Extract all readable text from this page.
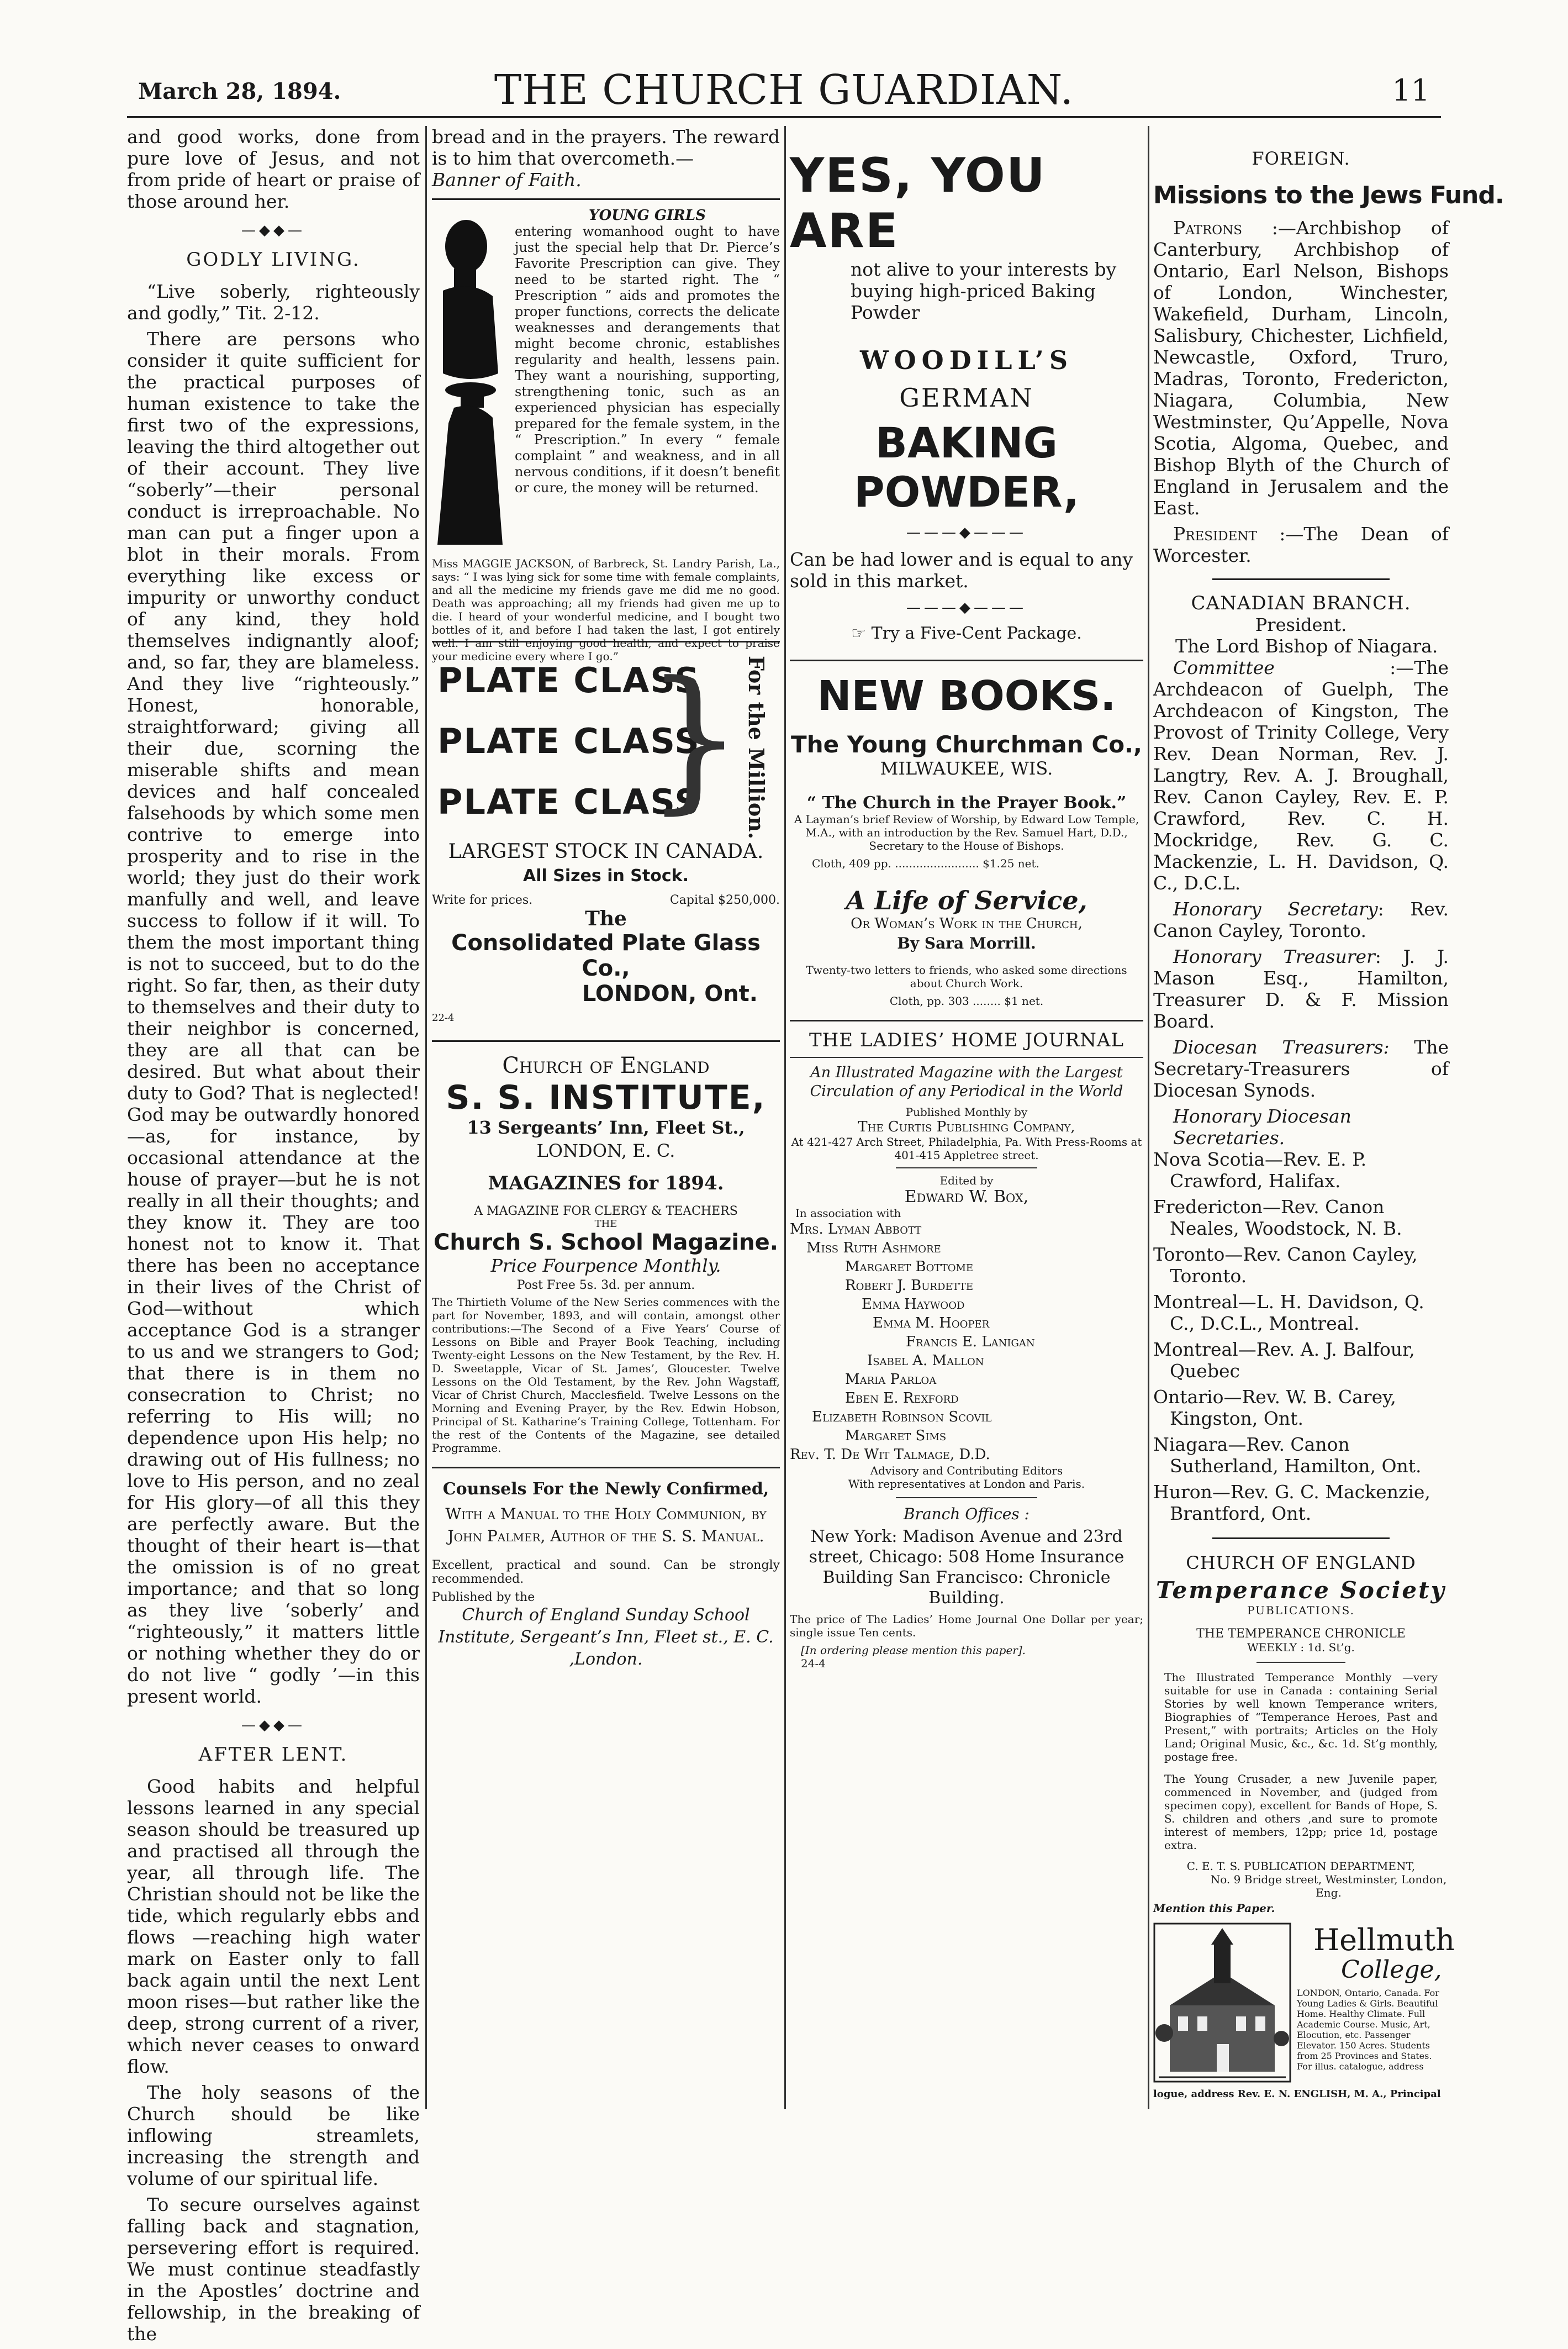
March 28, 1894.	THE CHURCH GUARDIAN.	11

and good works, done from pure love of Jesus, and not from pride of heart or praise of those around her.

—◆◆—
GODLY LIVING.

“Live soberly, righteously and godly,” Tit. 2-12.

There are persons who consider it quite sufficient for the practical purposes of human existence to take the first two of the expressions, leaving the third altogether out of their account. They live “soberly”—their personal conduct is irreproachable. No man can put a finger upon a blot in their morals. From everything like excess or impurity or unworthy conduct of any kind, they hold themselves indignantly aloof; and, so far, they are blameless. And they live “righteously.” Honest, honorable, straightforward; giving all their due, scorning the miserable shifts and mean devices and half concealed falsehoods by which some men contrive to emerge into prosperity and to rise in the world; they just do their work manfully and well, and leave success to follow if it will. To them the most important thing is not to succeed, but to do the right. So far, then, as their duty to themselves and their duty to their neighbor is concerned, they are all that can be desired. But what about their duty to God? That is neglected! God may be outwardly honored—as, for instance, by occasional attendance at the house of prayer—but he is not really in all their thoughts; and they know it. They are too honest not to know it. That there has been no acceptance in their lives of the Christ of God—without which acceptance God is a stranger to us and we strangers to God; that there is in them no consecration to Christ; no referring to His will; no dependence upon His help; no drawing out of His fullness; no love to His person, and no zeal for His glory—of all this they are perfectly aware. But the thought of their heart is—that the omission is of no great importance; and that so long as they live ‘soberly’ and “righteously,” it matters little or nothing whether they do or do not live “ godly ’—in this present world.

—◆◆—
AFTER LENT.

Good habits and helpful lessons learned in any special season should be treasured up and practised all through the year, all through life. The Christian should not be like the tide, which regularly ebbs and flows —reaching high water mark on Easter only to fall back again until the next Lent moon rises—but rather like the deep, strong current of a river, which never ceases to onward flow.

The holy seasons of the Church should be like inflowing streamlets, increasing the strength and volume of our spiritual life.

To secure ourselves against falling back and stagnation, persevering effort is required. We must continue steadfastly in the Apostles’ doctrine and fellowship, in the breaking of the

bread and in the prayers. The reward is to him that overcometh.—

Banner of Faith.

YOUNG GIRLS

entering womanhood ought to have just the special help that Dr. Pierce’s Favorite Prescription can give. They need to be started right. The “ Prescription ” aids and promotes the proper functions, corrects the delicate weaknesses and derangements that might become chronic, establishes regularity and health, lessens pain. They want a nourishing, supporting, strengthening tonic, such as an experienced physician has especially prepared for the female system, in the “ Prescription.” In every “ female complaint ” and weakness, and in all nervous conditions, if it doesn’t benefit or cure, the money will be returned.

Miss MAGGIE JACKSON, of Barbreck, St. Landry Parish, La., says: “ I was lying sick for some time with female complaints, and all the medicine my friends gave me did me no good. Death was approaching; all my friends had given me up to die. I heard of your wonderful medicine, and I bought two bottles of it, and before I had taken the last, I got entirely well. I am still enjoying good health, and expect to praise your medicine every where I go.”

PLATE CLASS
PLATE CLASS
PLATE CLASS
} For the Million.
LARGEST STOCK IN CANADA.
All Sizes in Stock.
Write for prices.	Capital $250,000.
The
Consolidated Plate Glass Co.,
LONDON, Ont.
22-4
Church of England
S. S. INSTITUTE,
13 Sergeants’ Inn, Fleet St.,
LONDON, E. C.
MAGAZINES for 1894.
A MAGAZINE FOR CLERGY & TEACHERS
THE
Church S. School Magazine.
Price Fourpence Monthly.
Post Free 5s. 3d. per annum.

The Thirtieth Volume of the New Series commences with the part for November, 1893, and will contain, amongst other contributions:—The Second of a Five Years’ Course of Lessons on Bible and Prayer Book Teaching, including Twenty-eight Lessons on the New Testament, by the Rev. H. D. Sweetapple, Vicar of St. James’, Gloucester. Twelve Lessons on the Old Testament, by the Rev. John Wagstaff, Vicar of Christ Church, Macclesfield. Twelve Lessons on the Morning and Evening Prayer, by the Rev. Edwin Hobson, Principal of St. Katharine’s Training College, Tottenham. For the rest of the Contents of the Magazine, see detailed Programme.

Counsels For the Newly Confirmed,
With a Manual to the Holy Communion, by John Palmer, Author of the S. S. Manual.

Excellent, practical and sound. Can be strongly recommended.

Published by the
Church of England Sunday School Institute, Sergeant’s Inn, Fleet st., E. C. ,London.
YES, YOU ARE

not alive to your interests by buying high-priced Baking Powder

WOODILL’S
GERMAN
BAKING POWDER,
———◆———

Can be had lower and is equal to any sold in this market.

———◆———
☞ Try a Five-Cent Package.
NEW BOOKS.
The Young Churchman Co.,
MILWAUKEE, WIS.
“ The Church in the Prayer Book.”

A Layman’s brief Review of Worship, by Edward Low Temple, M.A., with an introduction by the Rev. Samuel Hart, D.D., Secretary to the House of Bishops.

Cloth, 409 pp. ........................ $1.25 net.
A Life of Service,
Or Woman’s Work in the Church,
By Sara Morrill.

Twenty-two letters to friends, who asked some directions about Church Work.

Cloth, pp. 303 ........ $1 net.
THE LADIES’ HOME JOURNAL

An Illustrated Magazine with the Largest Circulation of any Periodical in the World

Published Monthly by
The Curtis Publishing Company,

At 421-427 Arch Street, Philadelphia, Pa. With Press-Rooms at 401-415 Appletree street.

Edited by
Edward W. Box,
In association with
Mrs. Lyman Abbott
Miss Ruth Ashmore
Margaret Bottome
Robert J. Burdette
Emma Haywood
Emma M. Hooper
Francis E. Lanigan
Isabel A. Mallon
Maria Parloa
Eben E. Rexford
Elizabeth Robinson Scovil
Margaret Sims
Rev. T. De Wit Talmage, D.D.
Advisory and Contributing Editors
With representatives at London and Paris.
Branch Offices :

New York: Madison Avenue and 23rd street, Chicago: 508 Home Insurance Building San Francisco: Chronicle Building.

The price of The Ladies’ Home Journal One Dollar per year; single issue Ten cents.

[In ordering please mention this paper].
24-4
FOREIGN.
Missions to the Jews Fund.

Patrons :—Archbishop of Canterbury, Archbishop of Ontario, Earl Nelson, Bishops of London, Winchester, Wakefield, Durham, Lincoln, Salisbury, Chichester, Lichfield, Newcastle, Oxford, Truro, Madras, Toronto, Fredericton, Niagara, Columbia, New Westminster, Qu’Appelle, Nova Scotia, Algoma, Quebec, and Bishop Blyth of the Church of England in Jerusalem and the East.

President :—The Dean of Worcester.

CANADIAN BRANCH.
President.
The Lord Bishop of Niagara.

Committee	:—The Archdeacon of Guelph, The Archdeacon of Kingston, The Provost of Trinity College, Very Rev. Dean Norman, Rev. J. Langtry, Rev. A. J. Broughall, Rev. Canon Cayley, Rev. E. P. Crawford, Rev. C. H. Mockridge, Rev. G. C. Mackenzie, L. H. Davidson, Q. C., D.C.L.

Honorary Secretary: Rev. Canon Cayley, Toronto.

Honorary Treasurer: J. J. Mason Esq., Hamilton, Treasurer D. & F. Mission Board.

Diocesan Treasurers: The Secretary-Treasurers of Diocesan Synods.

Honorary Diocesan Secretaries.

Nova Scotia—Rev. E. P. Crawford, Halifax.

Fredericton—Rev. Canon Neales, Woodstock, N. B.

Toronto—Rev. Canon Cayley, Toronto.

Montreal—L. H. Davidson, Q. C., D.C.L., Montreal.

Montreal—Rev. A. J. Balfour, Quebec

Ontario—Rev. W. B. Carey, Kingston, Ont.

Niagara—Rev. Canon Sutherland, Hamilton, Ont.

Huron—Rev. G. C. Mackenzie, Brantford, Ont.

CHURCH OF ENGLAND
Temperance Society
PUBLICATIONS.
THE TEMPERANCE CHRONICLE
WEEKLY : 1d. St’g.

The Illustrated Temperance Monthly —very suitable for use in Canada : containing Serial Stories by well known Temperance writers, Biographies of “Temperance Heroes, Past and Present,” with portraits; Articles on the Holy Land; Original Music, &c., &c. 1d. St’g monthly, postage free.

The Young Crusader, a new Juvenile paper, commenced in November, and (judged from specimen copy), excellent for Bands of Hope, S. S. children and others ,and sure to promote interest of members, 12pp; price 1d, postage extra.

C. E. T. S. PUBLICATION DEPARTMENT,
No. 9 Bridge street, Westminster, London, Eng.
Mention this Paper.
Hellmuth
College,
LONDON, Ontario, Canada. For Young Ladies & Girls. Beautiful Home. Healthy Climate. Full Academic Course. Music, Art, Elocution, etc. Passenger Elevator. 150 Acres. Students from 25 Provinces and States. For illus. catalogue, address
logue, address Rev. E. N. ENGLISH, M. A., Principal
